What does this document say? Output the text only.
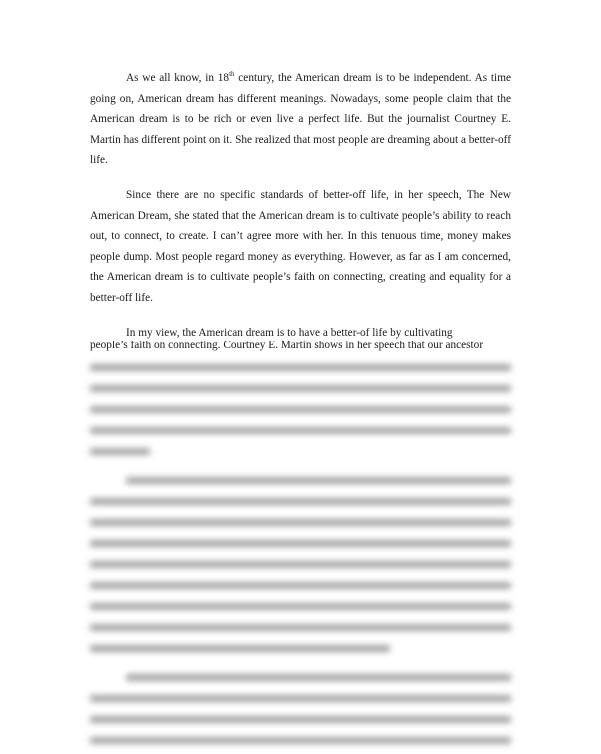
As we all know, in 18th century, the American dream is to be independent. As time going on, American dream has different meanings. Nowadays, some people claim that the American dream is to be rich or even live a perfect life. But the journalist Courtney E. Martin has different point on it. She realized that most people are dreaming about a better-off life.

Since there are no specific standards of better-off life, in her speech, The New American Dream, she stated that the American dream is to cultivate people’s ability to reach out, to connect, to create. I can’t agree more with her. In this tenuous time, money makes people dump. Most people regard money as everything. However, as far as I am concerned, the American dream is to cultivate people’s faith on connecting, creating and equality for a better-off life.

In my view, the American dream is to have a better-of life by cultivating

people’s faith on connecting. Courtney E. Martin shows in her speech that our ancestor
